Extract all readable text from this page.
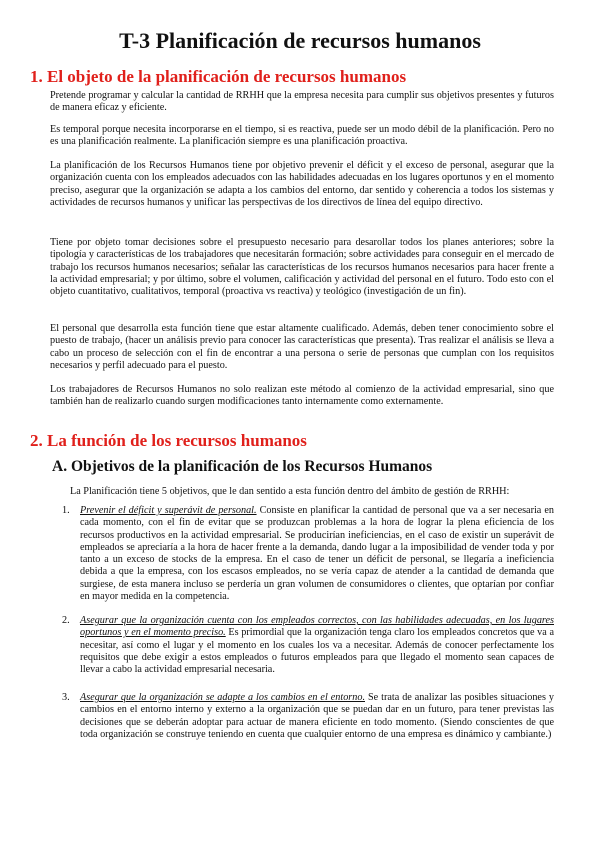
T-3 Planificación de recursos humanos
1. El objeto de la planificación de recursos humanos

Pretende programar y calcular la cantidad de RRHH que la empresa necesita para cumplir sus objetivos presentes y futuros de manera eficaz y eficiente.

Es temporal porque necesita incorporarse en el tiempo, si es reactiva, puede ser un modo débil de la planificación. Pero no es una planificación realmente. La planificación siempre es una planificación proactiva.

La planificación de los Recursos Humanos tiene por objetivo prevenir el déficit y el exceso de personal, asegurar que la organización cuenta con los empleados adecuados con las habilidades adecuadas en los lugares oportunos y en el momento preciso, asegurar que la organización se adapta a los cambios del entorno, dar sentido y coherencia a todos los sistemas y actividades de recursos humanos y unificar las perspectivas de los directivos de línea del equipo directivo.

Tiene por objeto tomar decisiones sobre el presupuesto necesario para desarollar todos los planes anteriores; sobre la tipología y características de los trabajadores que necesitarán formación; sobre actividades para conseguir en el mercado de trabajo los recursos humanos necesarios; señalar las características de los recursos humanos necesarios para hacer frente a la actividad empresarial; y por último, sobre el volumen, calificación y actividad del personal en el futuro. Todo esto con el objeto cuantitativo, cualitativos, temporal (proactiva vs reactiva) y teológico (investigación de un fin).

El personal que desarrolla esta función tiene que estar altamente cualificado. Además, deben tener conocimiento sobre el puesto de trabajo, (hacer un análisis previo para conocer las características que presenta). Tras realizar el análisis se lleva a cabo un proceso de selección con el fin de encontrar a una persona o serie de personas que cumplan con los requisitos necesarios y perfil adecuado para el puesto.

Los trabajadores de Recursos Humanos no solo realizan este método al comienzo de la actividad empresarial, sino que también han de realizarlo cuando surgen modificaciones tanto internamente como externamente.

2. La función de los recursos humanos
A. Objetivos de la planificación de los Recursos Humanos

La Planificación tiene 5 objetivos, que le dan sentido a esta función dentro del ámbito de gestión de RRHH:

1. Prevenir el déficit y superávit de personal. Consiste en planificar la cantidad de personal que va a ser necesaria en cada momento, con el fin de evitar que se produzcan problemas a la hora de lograr la plena eficiencia de los recursos productivos en la actividad empresarial. Se producirían ineficiencias, en el caso de existir un superávit de empleados se apreciaría a la hora de hacer frente a la demanda, dando lugar a la imposibilidad de vender toda y por tanto a un exceso de stocks de la empresa. En el caso de tener un déficit de personal, se llegaría a ineficiencia debida a que la empresa, con los escasos empleados, no se vería capaz de atender a la cantidad de demanda que surgiese, de esta manera incluso se perdería un gran volumen de consumidores o clientes, que optarían por confiar en mayor medida en la competencia.
2. Asegurar que la organización cuenta con los empleados correctos, con las habilidades adecuadas, en los lugares oportunos y en el momento preciso. Es primordial que la organización tenga claro los empleados concretos que va a necesitar, así como el lugar y el momento en los cuales los va a necesitar. Además de conocer perfectamente los requisitos que debe exigir a estos empleados o futuros empleados para que llegado el momento sean capaces de llevar a cabo la actividad empresarial necesaria.
3. Asegurar que la organización se adapte a los cambios en el entorno. Se trata de analizar las posibles situaciones y cambios en el entorno interno y externo a la organización que se puedan dar en un futuro, para tener previstas las decisiones que se deberán adoptar para actuar de manera eficiente en todo momento. (Siendo conscientes de que toda organización se construye teniendo en cuenta que cualquier entorno de una empresa es dinámico y cambiante.)
